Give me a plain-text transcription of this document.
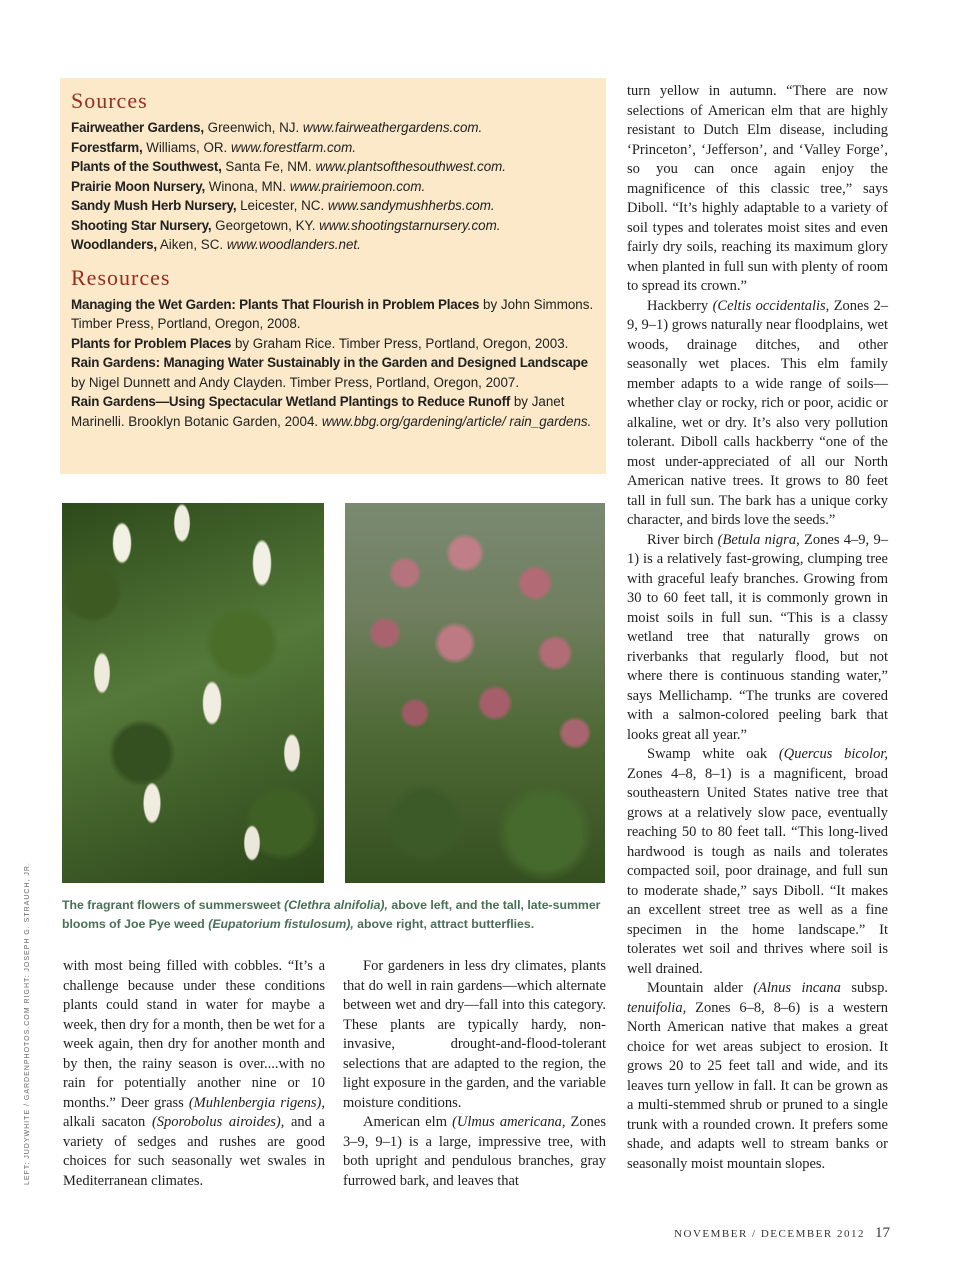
Sources
Fairweather Gardens, Greenwich, NJ. www.fairweathergardens.com.
Forestfarm, Williams, OR. www.forestfarm.com.
Plants of the Southwest, Santa Fe, NM. www.plantsofthesouthwest.com.
Prairie Moon Nursery, Winona, MN. www.prairiemoon.com.
Sandy Mush Herb Nursery, Leicester, NC. www.sandymushherbs.com.
Shooting Star Nursery, Georgetown, KY. www.shootingstarnursery.com.
Woodlanders, Aiken, SC. www.woodlanders.net.
Resources
Managing the Wet Garden: Plants That Flourish in Problem Places by John Simmons. Timber Press, Portland, Oregon, 2008.
Plants for Problem Places by Graham Rice. Timber Press, Portland, Oregon, 2003.
Rain Gardens: Managing Water Sustainably in the Garden and Designed Landscape by Nigel Dunnett and Andy Clayden. Timber Press, Portland, Oregon, 2007.
Rain Gardens—Using Spectacular Wetland Plantings to Reduce Runoff by Janet Marinelli. Brooklyn Botanic Garden, 2004. www.bbg.org/gardening/article/ rain_gardens.
LEFT: JUDYWHITE / GARDENPHOTOS.COM RIGHT: JOSEPH G. STRAUCH, JR.	The fragrant flowers of summersweet (Clethra alnifolia), above left, and the tall, late-summer blooms of Joe Pye weed (Eupatorium fistulosum), above right, attract butterflies.

with most being filled with cobbles. “It’s a challenge because under these conditions plants could stand in water for maybe a week, then dry for a month, then be wet for a week again, then dry for another month and by then, the rainy season is over....with no rain for potentially another nine or 10 months.” Deer grass (Muhlenbergia rigens), alkali sacaton (Sporobolus airoides), and a variety of sedges and rushes are good choices for such seasonally wet swales in Mediterranean climates.

For gardeners in less dry climates, plants that do well in rain gardens—which alternate between wet and dry—fall into this category. These plants are typically hardy, non-invasive, drought-and-flood-tolerant selections that are adapted to the region, the light exposure in the garden, and the variable moisture conditions.

American elm (Ulmus americana, Zones 3–9, 9–1) is a large, impressive tree, with both upright and pendulous branches, gray furrowed bark, and leaves that

turn yellow in autumn. “There are now selections of American elm that are highly resistant to Dutch Elm disease, including ‘Princeton’, ‘Jefferson’, and ‘Valley Forge’, so you can once again enjoy the magnificence of this classic tree,” says Diboll. “It’s highly adaptable to a variety of soil types and tolerates moist sites and even fairly dry soils, reaching its maximum glory when planted in full sun with plenty of room to spread its crown.”

Hackberry (Celtis occidentalis, Zones 2–9, 9–1) grows naturally near floodplains, wet woods, drainage ditches, and other seasonally wet places. This elm family member adapts to a wide range of soils—whether clay or rocky, rich or poor, acidic or alkaline, wet or dry. It’s also very pollution tolerant. Diboll calls hackberry “one of the most under-appreciated of all our North American native trees. It grows to 80 feet tall in full sun. The bark has a unique corky character, and birds love the seeds.”

River birch (Betula nigra, Zones 4–9, 9–1) is a relatively fast-growing, clumping tree with graceful leafy branches. Growing from 30 to 60 feet tall, it is commonly grown in moist soils in full sun. “This is a classy wetland tree that naturally grows on riverbanks that regularly flood, but not where there is continuous standing water,” says Mellichamp. “The trunks are covered with a salmon-colored peeling bark that looks great all year.”

Swamp white oak (Quercus bicolor, Zones 4–8, 8–1) is a magnificent, broad southeastern United States native tree that grows at a relatively slow pace, eventually reaching 50 to 80 feet tall. “This long-lived hardwood is tough as nails and tolerates compacted soil, poor drainage, and full sun to moderate shade,” says Diboll. “It makes an excellent street tree as well as a fine specimen in the home landscape.” It tolerates wet soil and thrives where soil is well drained.

Mountain alder (Alnus incana subsp. tenuifolia, Zones 6–8, 8–6) is a western North American native that makes a great choice for wet areas subject to erosion. It grows 20 to 25 feet tall and wide, and its leaves turn yellow in fall. It can be grown as a multi-stemmed shrub or pruned to a single trunk with a rounded crown. It prefers some shade, and adapts well to stream banks or seasonally moist mountain slopes.

NOVEMBER / DECEMBER 2012 17
